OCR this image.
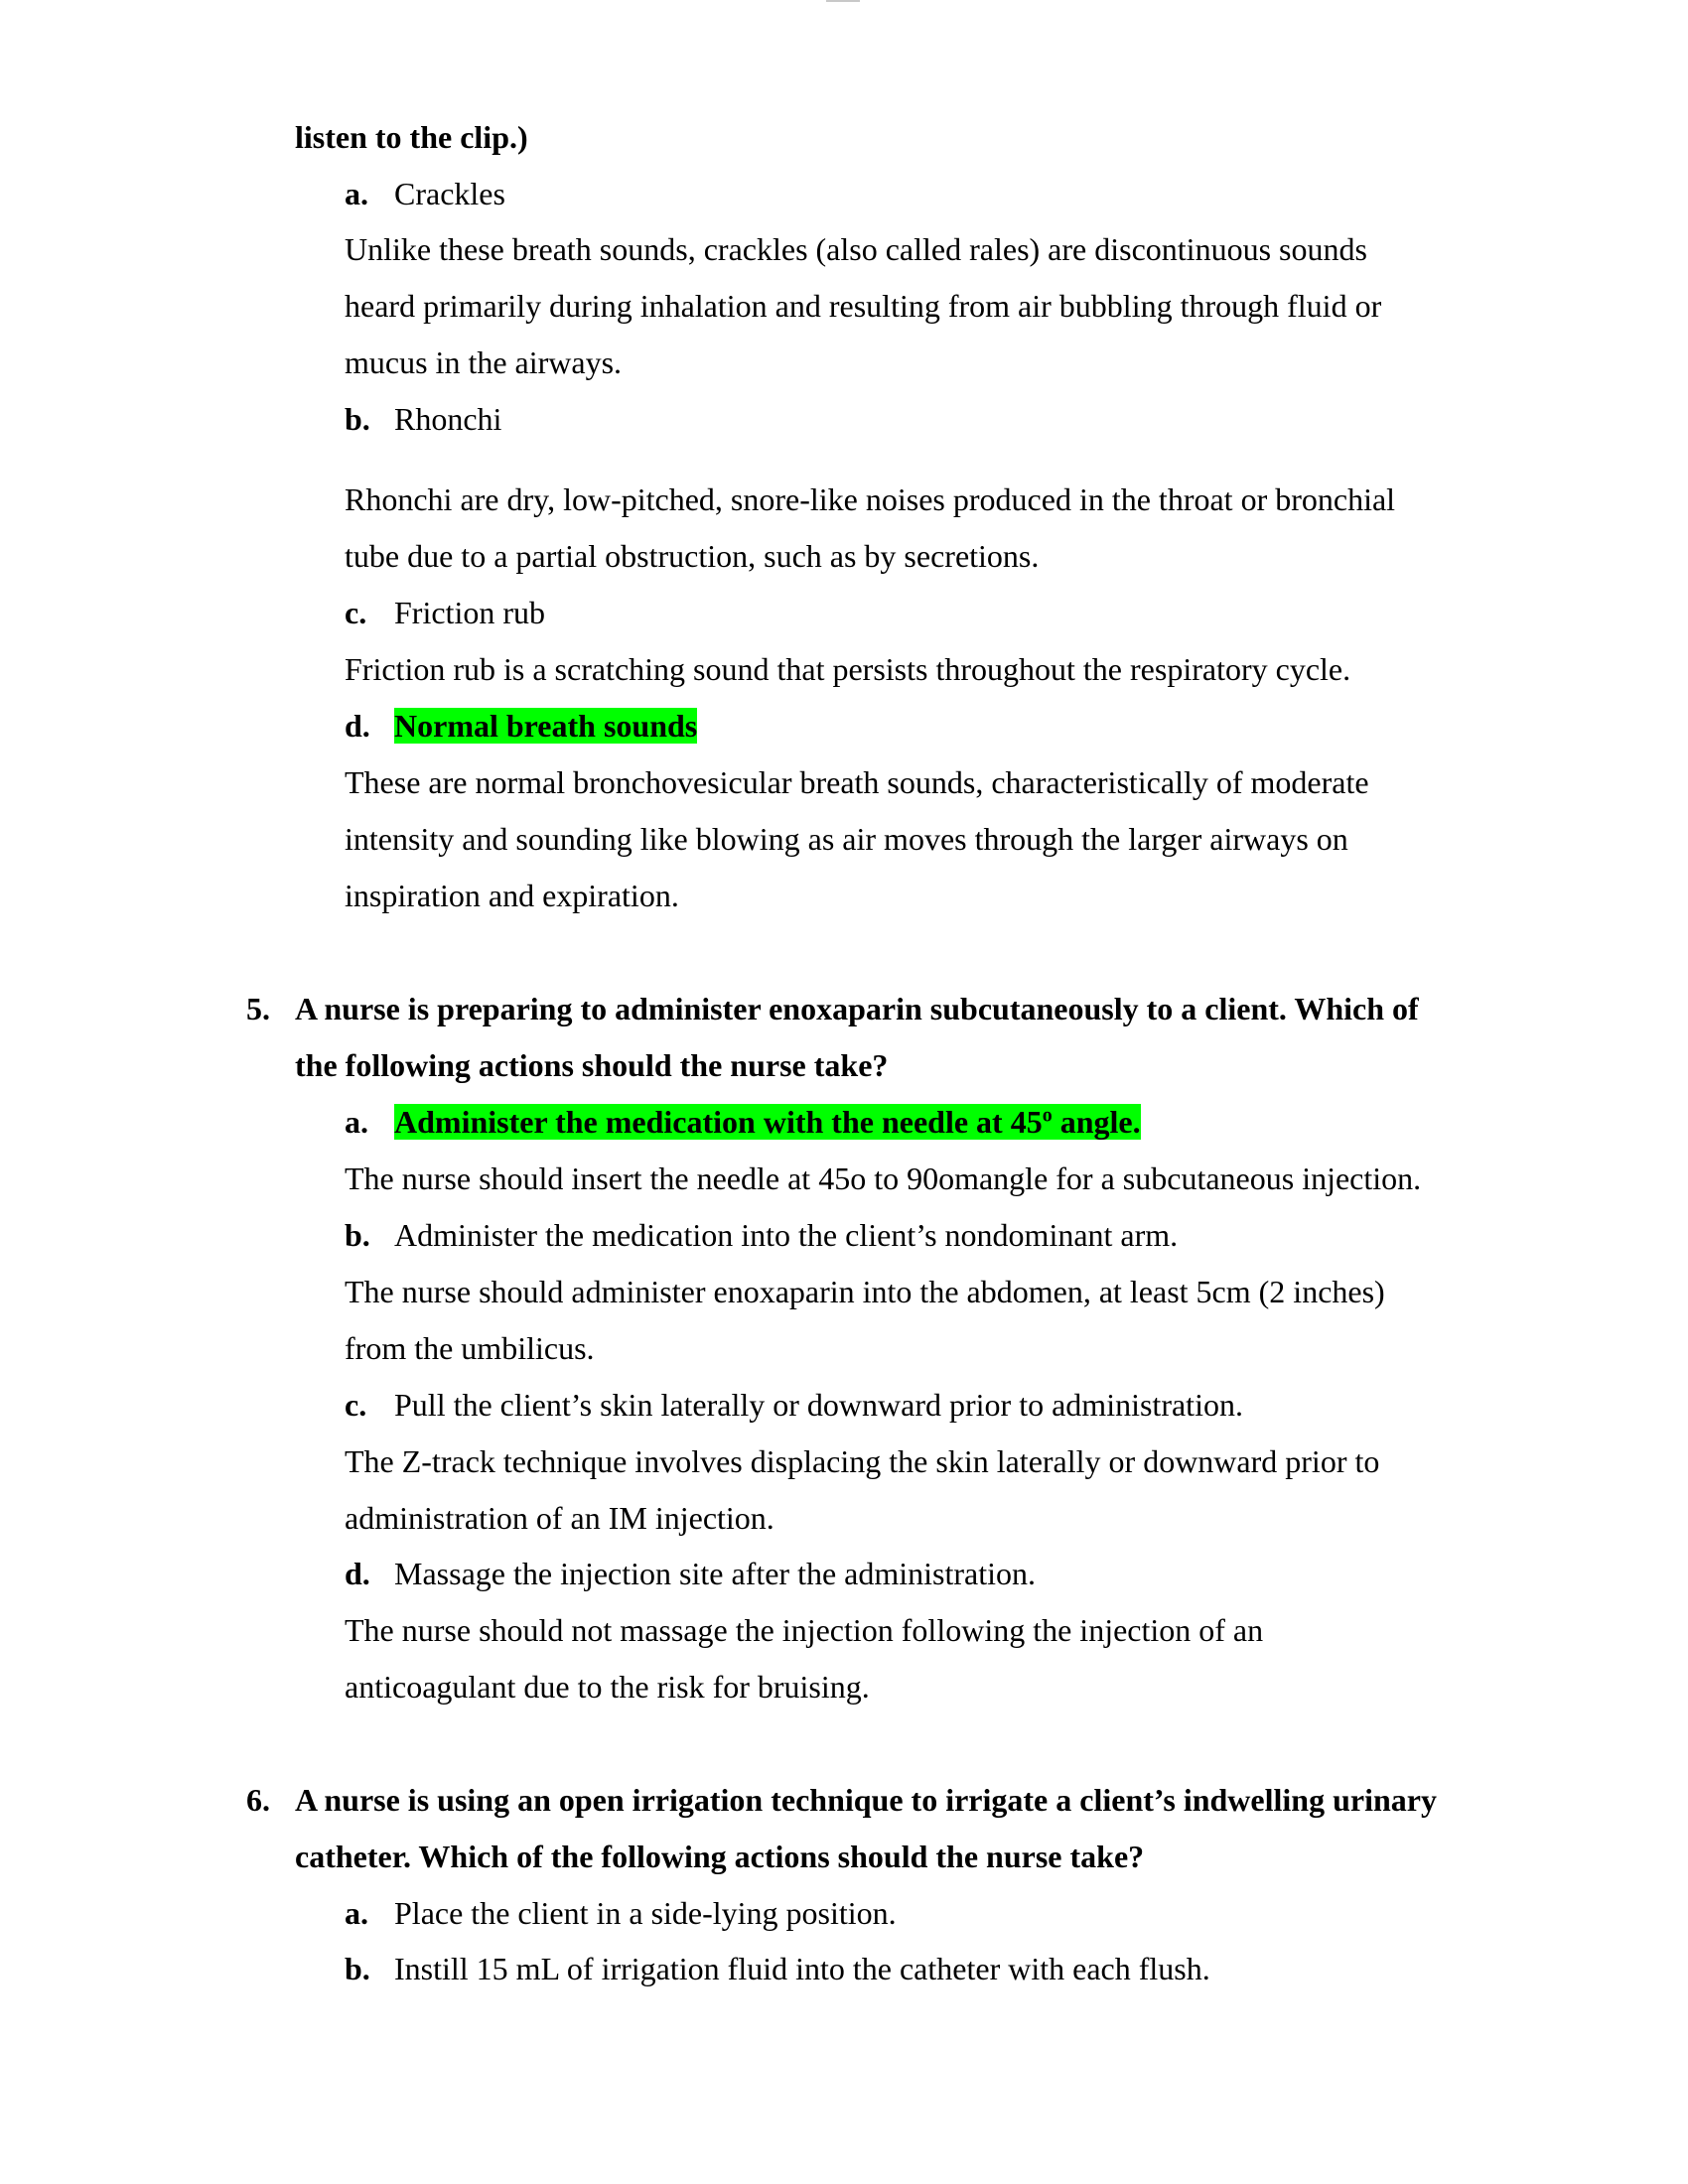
listen to the clip.)
a. Crackles
Unlike these breath sounds, crackles (also called rales) are discontinuous sounds
heard primarily during inhalation and resulting from air bubbling through fluid or
mucus in the airways.
b. Rhonchi
Rhonchi are dry, low-pitched, snore-like noises produced in the throat or bronchial
tube due to a partial obstruction, such as by secretions.
c. Friction rub
Friction rub is a scratching sound that persists throughout the respiratory cycle.
d. Normal breath sounds
These are normal bronchovesicular breath sounds, characteristically of moderate
intensity and sounding like blowing as air moves through the larger airways on
inspiration and expiration.
5. A nurse is preparing to administer enoxaparin subcutaneously to a client. Which of
the following actions should the nurse take?
a. Administer the medication with the needle at 45$^o$ angle.
The nurse should insert the needle at 45o to 90omangle for a subcutaneous injection.
b. Administer the medication into the client’s nondominant arm.
The nurse should administer enoxaparin into the abdomen, at least 5cm (2 inches)
from the umbilicus.
c. Pull the client’s skin laterally or downward prior to administration.
The Z-track technique involves displacing the skin laterally or downward prior to
administration of an IM injection.
d. Massage the injection site after the administration.
The nurse should not massage the injection following the injection of an
anticoagulant due to the risk for bruising.
6. A nurse is using an open irrigation technique to irrigate a client’s indwelling urinary
catheter. Which of the following actions should the nurse take?
a. Place the client in a side-lying position.
b. Instill 15 mL of irrigation fluid into the catheter with each flush.
